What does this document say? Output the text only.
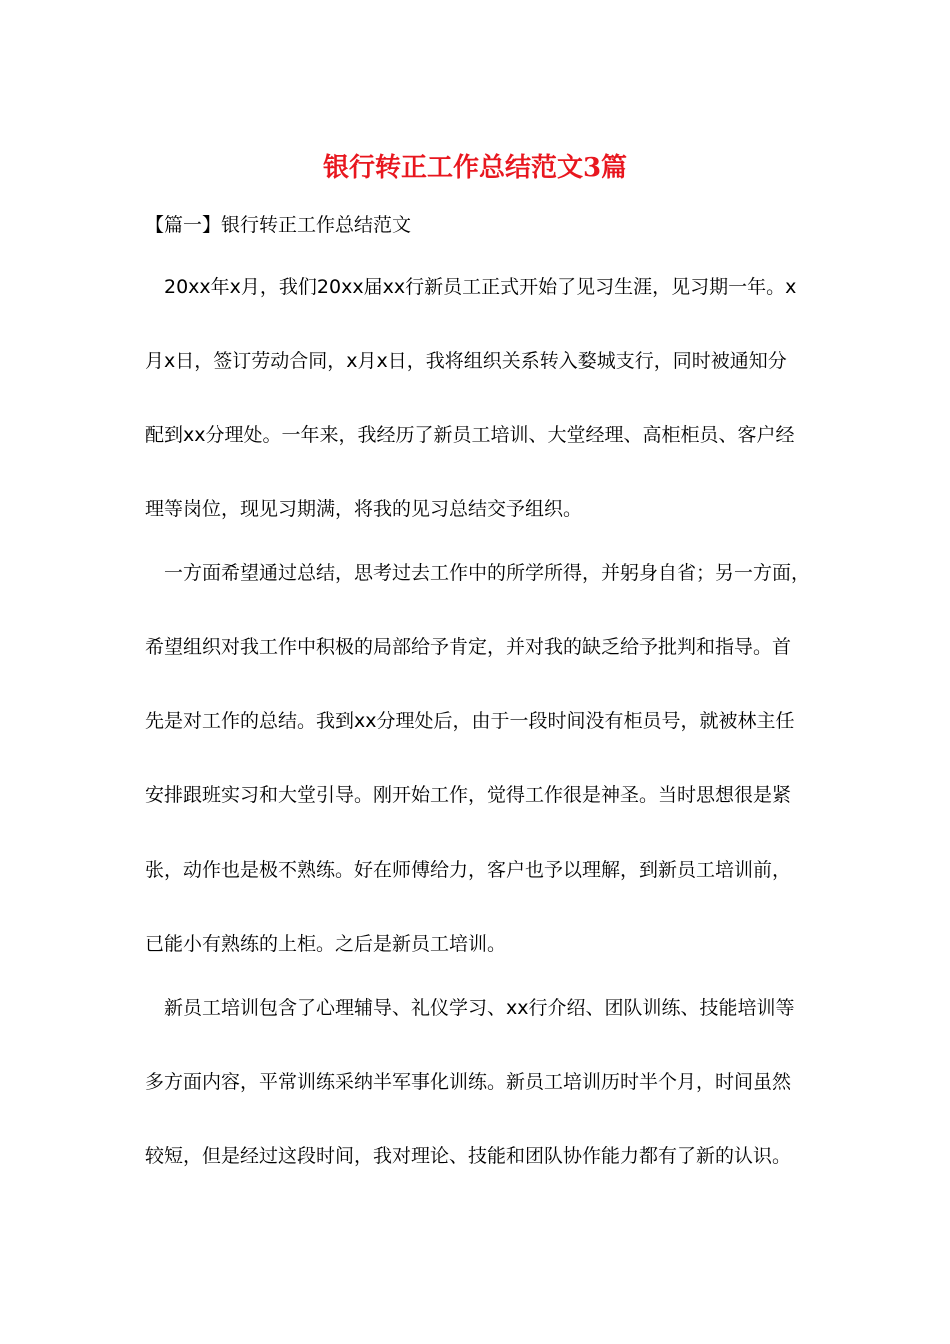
银行转正工作总结范文3篇
【篇一】银行转正工作总结范文
　20xx年x月，我们20xx届xx行新员工正式开始了见习生涯，见习期一年。x
月x日，签订劳动合同，x月x日，我将组织关系转入婺城支行，同时被通知分
配到xx分理处。一年来，我经历了新员工培训、大堂经理、高柜柜员、客户经
理等岗位，现见习期满，将我的见习总结交予组织。
　一方面希望通过总结，思考过去工作中的所学所得，并躬身自省；另一方面，
希望组织对我工作中积极的局部给予肯定，并对我的缺乏给予批判和指导。首
先是对工作的总结。我到xx分理处后，由于一段时间没有柜员号，就被林主任
安排跟班实习和大堂引导。刚开始工作，觉得工作很是神圣。当时思想很是紧
张，动作也是极不熟练。好在师傅给力，客户也予以理解，到新员工培训前，
已能小有熟练的上柜。之后是新员工培训。
　新员工培训包含了心理辅导、礼仪学习、xx行介绍、团队训练、技能培训等
多方面内容，平常训练采纳半军事化训练。新员工培训历时半个月，时间虽然
较短，但是经过这段时间，我对理论、技能和团队协作能力都有了新的认识。
